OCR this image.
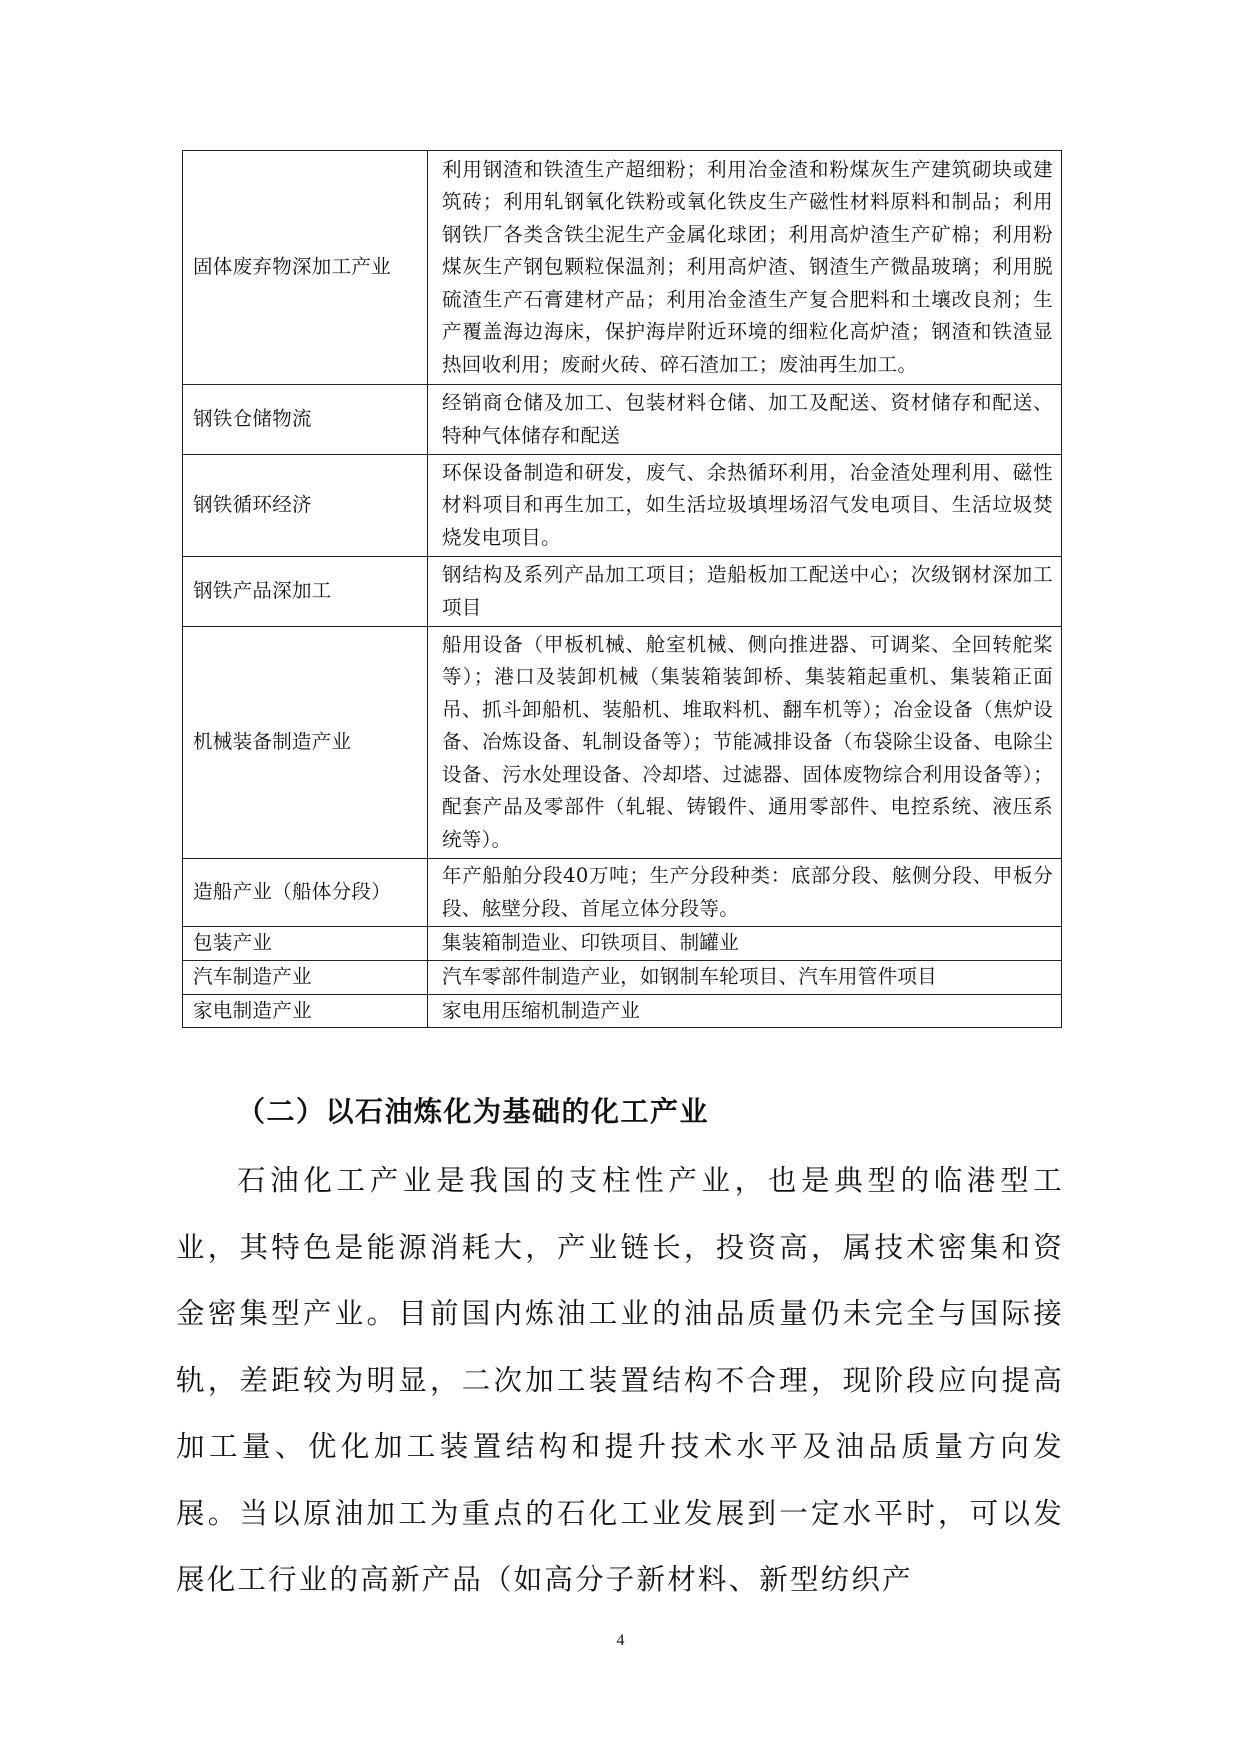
固体废弃物深加工产业	利用钢渣和铁渣生产超细粉；利用冶金渣和粉煤灰生产建筑砌块或建筑砖；利用轧钢氧化铁粉或氧化铁皮生产磁性材料原料和制品；利用钢铁厂各类含铁尘泥生产金属化球团；利用高炉渣生产矿棉；利用粉煤灰生产钢包颗粒保温剂；利用高炉渣、钢渣生产微晶玻璃；利用脱硫渣生产石膏建材产品；利用冶金渣生产复合肥料和土壤改良剂；生产覆盖海边海床，保护海岸附近环境的细粒化高炉渣；钢渣和铁渣显热回收利用；废耐火砖、碎石渣加工；废油再生加工。
钢铁仓储物流	经销商仓储及加工、包装材料仓储、加工及配送、资材储存和配送、特种气体储存和配送
钢铁循环经济	环保设备制造和研发，废气、余热循环利用，冶金渣处理利用、磁性材料项目和再生加工，如生活垃圾填埋场沼气发电项目、生活垃圾焚烧发电项目。
钢铁产品深加工	钢结构及系列产品加工项目；造船板加工配送中心；次级钢材深加工项目
机械装备制造产业	船用设备（甲板机械、舱室机械、侧向推进器、可调桨、全回转舵桨等）；港口及装卸机械（集装箱装卸桥、集装箱起重机、集装箱正面吊、抓斗卸船机、装船机、堆取料机、翻车机等）；冶金设备（焦炉设备、冶炼设备、轧制设备等）；节能减排设备（布袋除尘设备、电除尘设备、污水处理设备、冷却塔、过滤器、固体废物综合利用设备等）；配套产品及零部件（轧辊、铸锻件、通用零部件、电控系统、液压系统等）。
造船产业（船体分段）	年产船舶分段40万吨；生产分段种类：底部分段、舷侧分段、甲板分段、舷壁分段、首尾立体分段等。
包装产业	集装箱制造业、印铁项目、制罐业
汽车制造产业	汽车零部件制造产业，如钢制车轮项目、汽车用管件项目
家电制造产业	家电用压缩机制造产业
（二）以石油炼化为基础的化工产业

石油化工产业是我国的支柱性产业，也是典型的临港型工业，其特色是能源消耗大，产业链长，投资高，属技术密集和资金密集型产业。目前国内炼油工业的油品质量仍未完全与国际接轨，差距较为明显，二次加工装置结构不合理，现阶段应向提高加工量、优化加工装置结构和提升技术水平及油品质量方向发展。当以原油加工为重点的石化工业发展到一定水平时，可以发展化工行业的高新产品（如高分子新材料、新型纺织产

4
